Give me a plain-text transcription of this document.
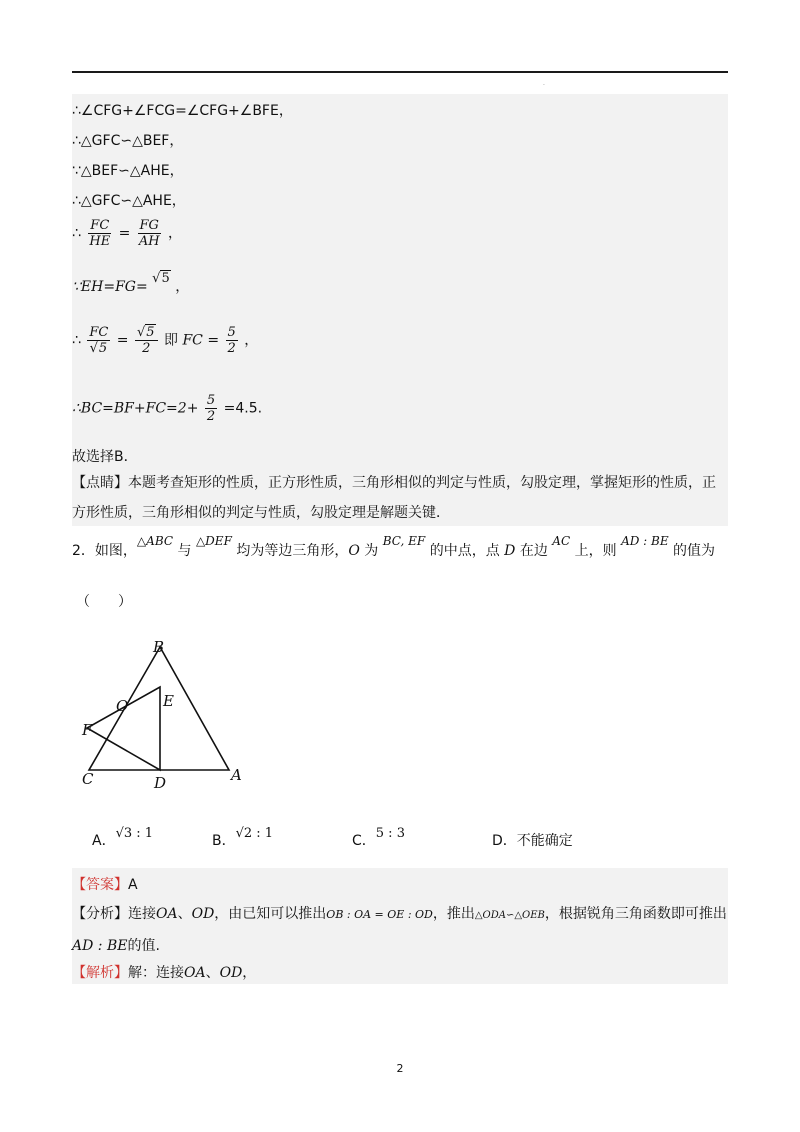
·
∴∠CFG+∠FCG=∠CFG+∠BFE，
∴△GFC∽△BEF，
∵△BEF∽△AHE，
∴△GFC∽△AHE，
∴ $\frac{FC}{HE} = \frac{FG}{AH}$ ，
∵EH=FG= √5 ，
∴ $\frac{FC}{√5} = \frac{√5}{2}$ 即 FC = $\frac{5}{2}$ ，
∴BC=BF+FC=2+ $\frac{5}{2} =4.5$.
故选择B．
【点睛】本题考查矩形的性质，正方形性质，三角形相似的判定与性质，勾股定理，掌握矩形的性质，正方形性质，三角形相似的判定与性质，勾股定理是解题关键．
2．如图，△ABC 与 △DEF 均为等边三角形，O 为 BC, EF 的中点，点 D 在边 AC 上，则 AD : BE 的值为
（　　）
B
E
O
F
C	D	A
A．√3 : 1	B．√2 : 1	C．5 : 3	D．不能确定
【答案】A
【分析】连接OA、OD，由已知可以推出OB : OA = OE : OD，推出△ODA∽△OEB，根据锐角三角函数即可推出AD : BE的值.
【解析】解：连接OA、OD，
2
